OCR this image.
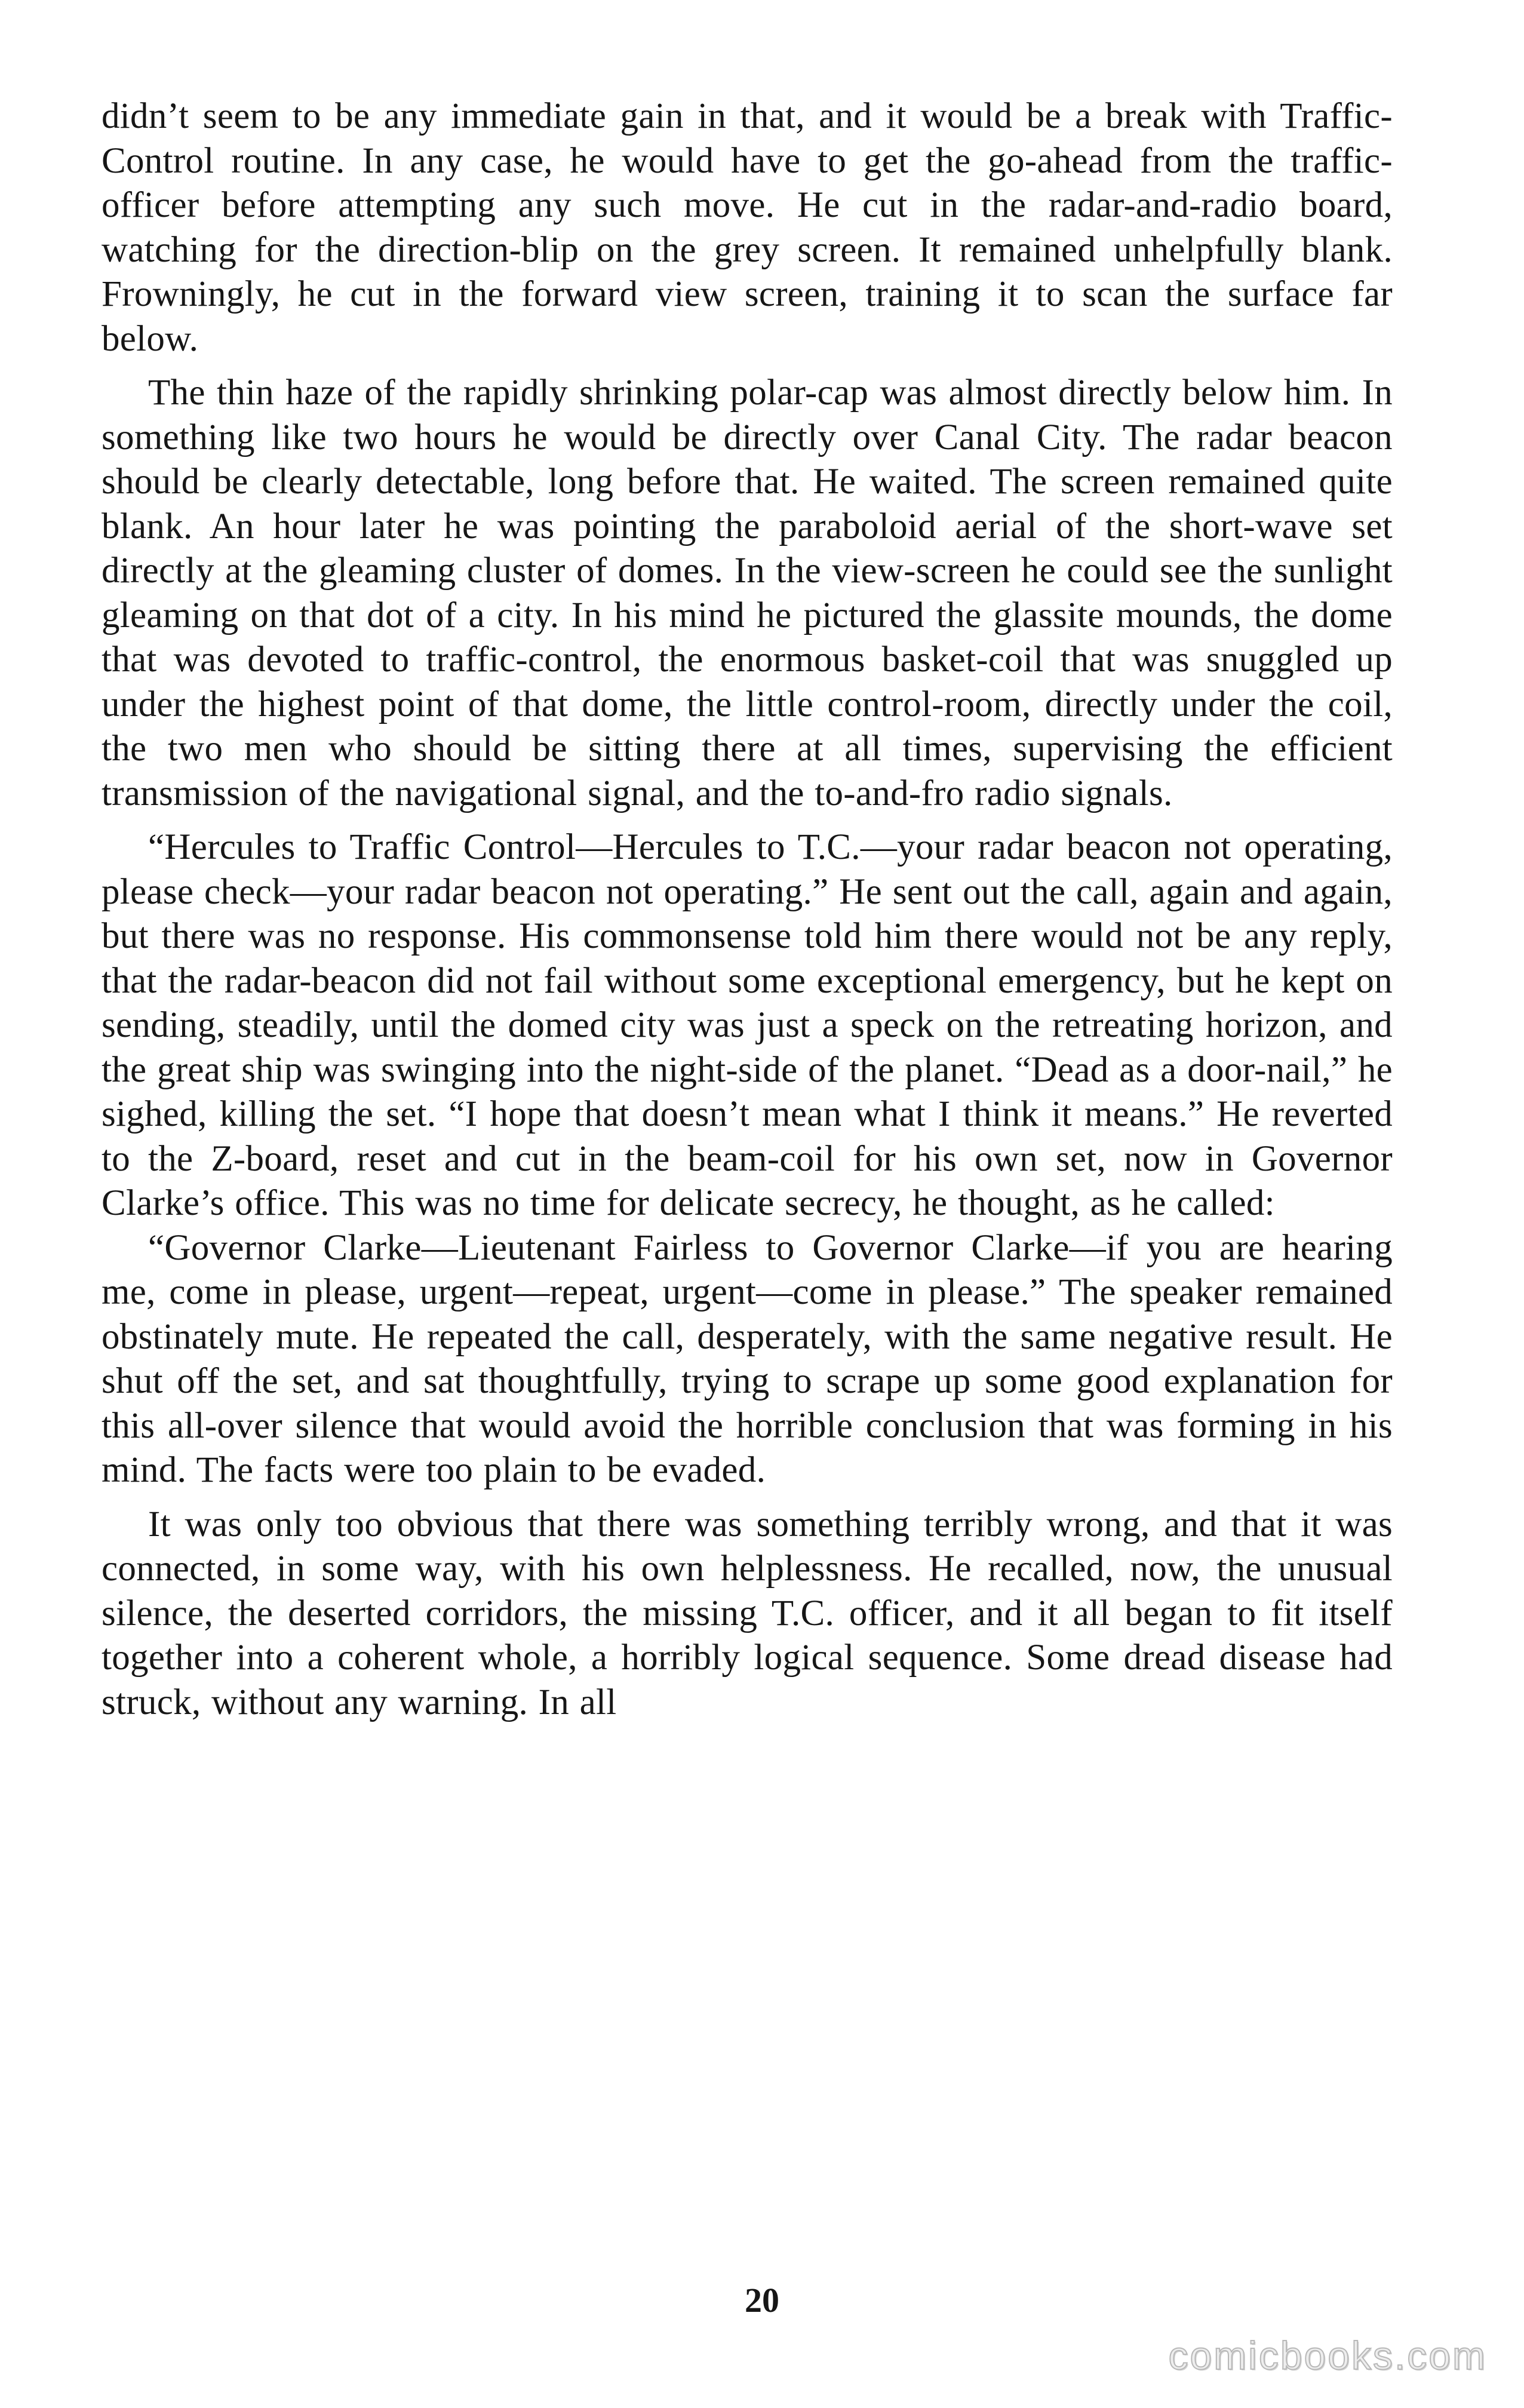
didn’t seem to be any immediate gain in that, and it would be a break with Traffic-Control routine. In any case, he would have to get the go-ahead from the traffic-officer before attempting any such move. He cut in the radar-and-radio board, watching for the direction-blip on the grey screen. It remained unhelpfully blank. Frowningly, he cut in the forward view screen, training it to scan the surface far below.

The thin haze of the rapidly shrinking polar-cap was almost directly below him. In something like two hours he would be directly over Canal City. The radar beacon should be clearly detectable, long before that. He waited. The screen remained quite blank. An hour later he was pointing the paraboloid aerial of the short-wave set directly at the gleaming cluster of domes. In the view-screen he could see the sunlight gleaming on that dot of a city. In his mind he pictured the glassite mounds, the dome that was devoted to traffic-control, the enormous basket-coil that was snuggled up under the highest point of that dome, the little control-room, directly under the coil, the two men who should be sitting there at all times, supervising the efficient transmission of the navigational signal, and the to-and-fro radio signals.

“Hercules to Traffic Control—Hercules to T.C.—your radar beacon not operating, please check—your radar beacon not operating.” He sent out the call, again and again, but there was no response. His commonsense told him there would not be any reply, that the radar-beacon did not fail without some exceptional emergency, but he kept on sending, steadily, until the domed city was just a speck on the retreating horizon, and the great ship was swinging into the night-side of the planet. “Dead as a door-nail,” he sighed, killing the set. “I hope that doesn’t mean what I think it means.” He reverted to the Z-board, reset and cut in the beam-coil for his own set, now in Governor Clarke’s office. This was no time for delicate secrecy, he thought, as he called:

“Governor Clarke—Lieutenant Fairless to Governor Clarke—if you are hearing me, come in please, urgent—repeat, urgent—come in please.” The speaker remained obstinately mute. He repeated the call, desperately, with the same negative result. He shut off the set, and sat thoughtfully, trying to scrape up some good explanation for this all-over silence that would avoid the horrible conclusion that was forming in his mind. The facts were too plain to be evaded.

It was only too obvious that there was something terribly wrong, and that it was connected, in some way, with his own helplessness. He recalled, now, the unusual silence, the deserted corridors, the missing T.C. officer, and it all began to fit itself together into a coherent whole, a horribly logical sequence. Some dread disease had struck, without any warning. In all

20
comicbooks.com
